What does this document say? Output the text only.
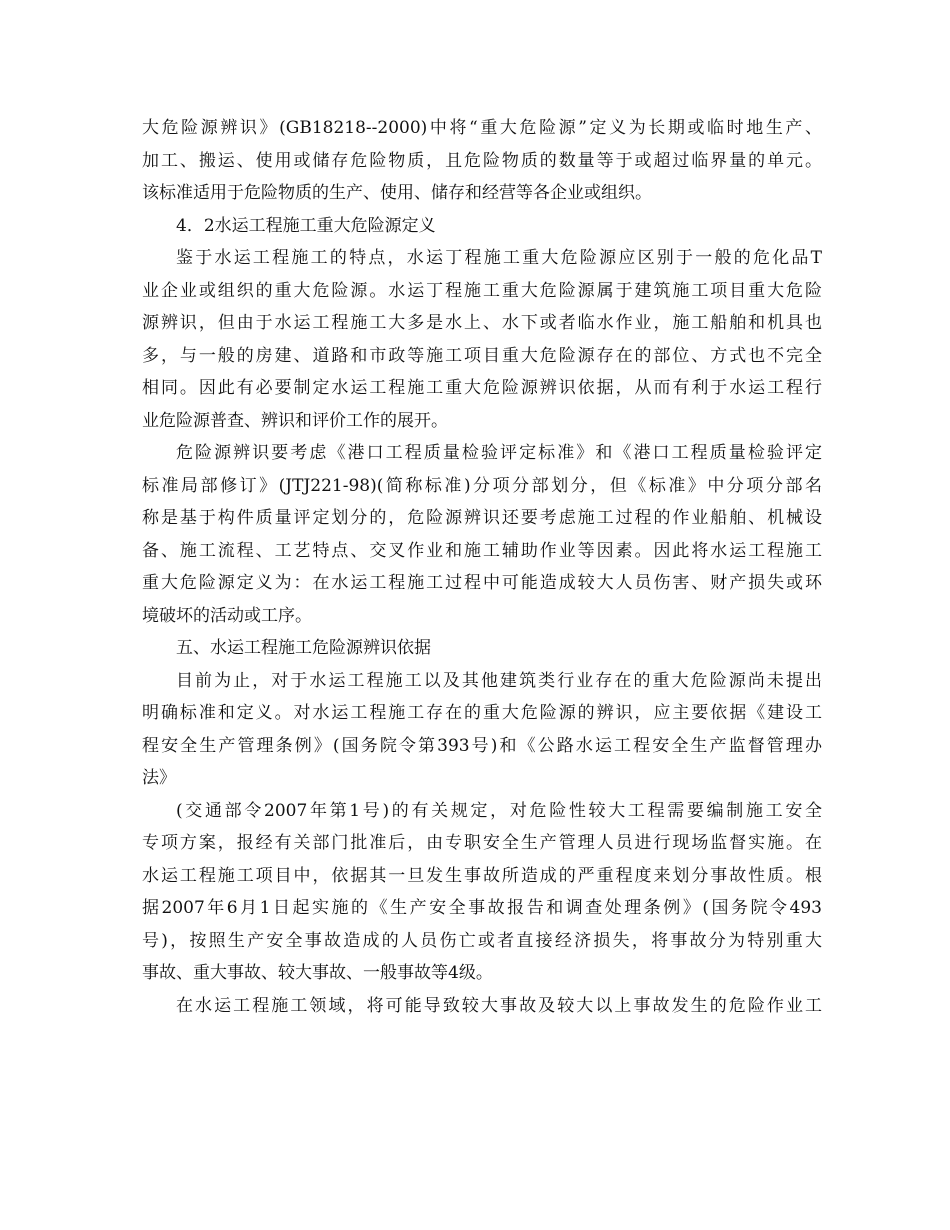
大危险源辨识》(GB18218--2000)中将“重大危险源”定义为长期或临时地生产、
加工、搬运、使用或储存危险物质，且危险物质的数量等于或超过临界量的单元。
该标准适用于危险物质的生产、使用、储存和经营等各企业或组织。
4．2水运工程施工重大危险源定义
鉴于水运工程施工的特点，水运丁程施工重大危险源应区别于一般的危化品T
业企业或组织的重大危险源。水运丁程施工重大危险源属于建筑施工项目重大危险
源辨识，但由于水运工程施工大多是水上、水下或者临水作业，施工船舶和机具也
多，与一般的房建、道路和市政等施工项目重大危险源存在的部位、方式也不完全
相同。因此有必要制定水运工程施工重大危险源辨识依据，从而有利于水运工程行
业危险源普查、辨识和评价工作的展开。
危险源辨识要考虑《港口工程质量检验评定标准》和《港口工程质量检验评定
标准局部修订》(JTJ221-98)(简称标准)分项分部划分，但《标准》中分项分部名
称是基于构件质量评定划分的，危险源辨识还要考虑施工过程的作业船舶、机械设
备、施工流程、工艺特点、交叉作业和施工辅助作业等因素。因此将水运工程施工
重大危险源定义为：在水运工程施工过程中可能造成较大人员伤害、财产损失或环
境破坏的活动或工序。
五、水运工程施工危险源辨识依据
目前为止，对于水运工程施工以及其他建筑类行业存在的重大危险源尚未提出
明确标准和定义。对水运工程施工存在的重大危险源的辨识，应主要依据《建设工
程安全生产管理条例》(国务院令第393号)和《公路水运工程安全生产监督管理办
法》
(交通部令2007年第1号)的有关规定，对危险性较大工程需要编制施工安全
专项方案，报经有关部门批准后，由专职安全生产管理人员进行现场监督实施。在
水运工程施工项目中，依据其一旦发生事故所造成的严重程度来划分事故性质。根
据2007年6月1日起实施的《生产安全事故报告和调查处理条例》(国务院令493
号)，按照生产安全事故造成的人员伤亡或者直接经济损失，将事故分为特别重大
事故、重大事故、较大事故、一般事故等4级。
在水运工程施工领域，将可能导致较大事故及较大以上事故发生的危险作业工
